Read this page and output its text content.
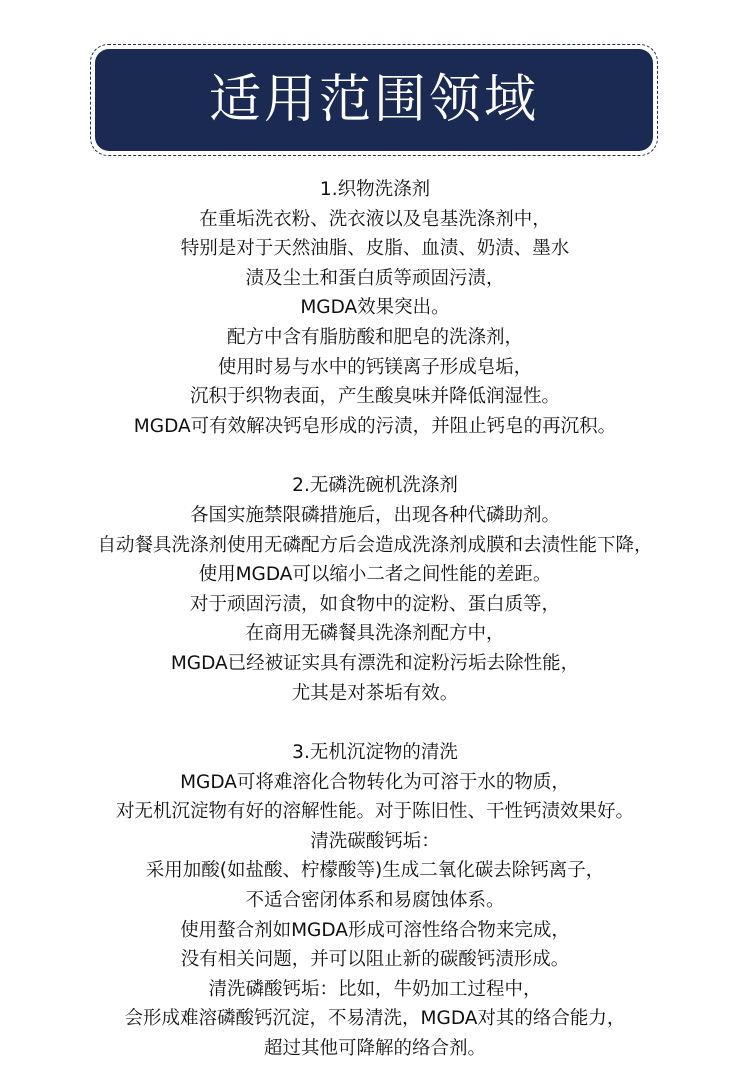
适用范围领域
1.织物洗涤剂
在重垢洗衣粉、洗衣液以及皂基洗涤剂中，
特别是对于天然油脂、皮脂、血渍、奶渍、墨水
渍及尘土和蛋白质等顽固污渍，
MGDA效果突出。
配方中含有脂肪酸和肥皂的洗涤剂，
使用时易与水中的钙镁离子形成皂垢，
沉积于织物表面，产生酸臭味并降低润湿性。
MGDA可有效解决钙皂形成的污渍，并阻止钙皂的再沉积。
2.无磷洗碗机洗涤剂
各国实施禁限磷措施后，出现各种代磷助剂。
自动餐具洗涤剂使用无磷配方后会造成洗涤剂成膜和去渍性能下降，
使用MGDA可以缩小二者之间性能的差距。
对于顽固污渍，如食物中的淀粉、蛋白质等，
在商用无磷餐具洗涤剂配方中，
MGDA已经被证实具有漂洗和淀粉污垢去除性能，
尤其是对茶垢有效。
3.无机沉淀物的清洗
MGDA可将难溶化合物转化为可溶于水的物质，
对无机沉淀物有好的溶解性能。对于陈旧性、干性钙渍效果好。
清洗碳酸钙垢：
采用加酸(如盐酸、柠檬酸等)生成二氧化碳去除钙离子，
不适合密闭体系和易腐蚀体系。
使用螯合剂如MGDA形成可溶性络合物来完成，
没有相关问题，并可以阻止新的碳酸钙渍形成。
清洗磷酸钙垢：比如，牛奶加工过程中，
会形成难溶磷酸钙沉淀，不易清洗，MGDA对其的络合能力，
超过其他可降解的络合剂。
